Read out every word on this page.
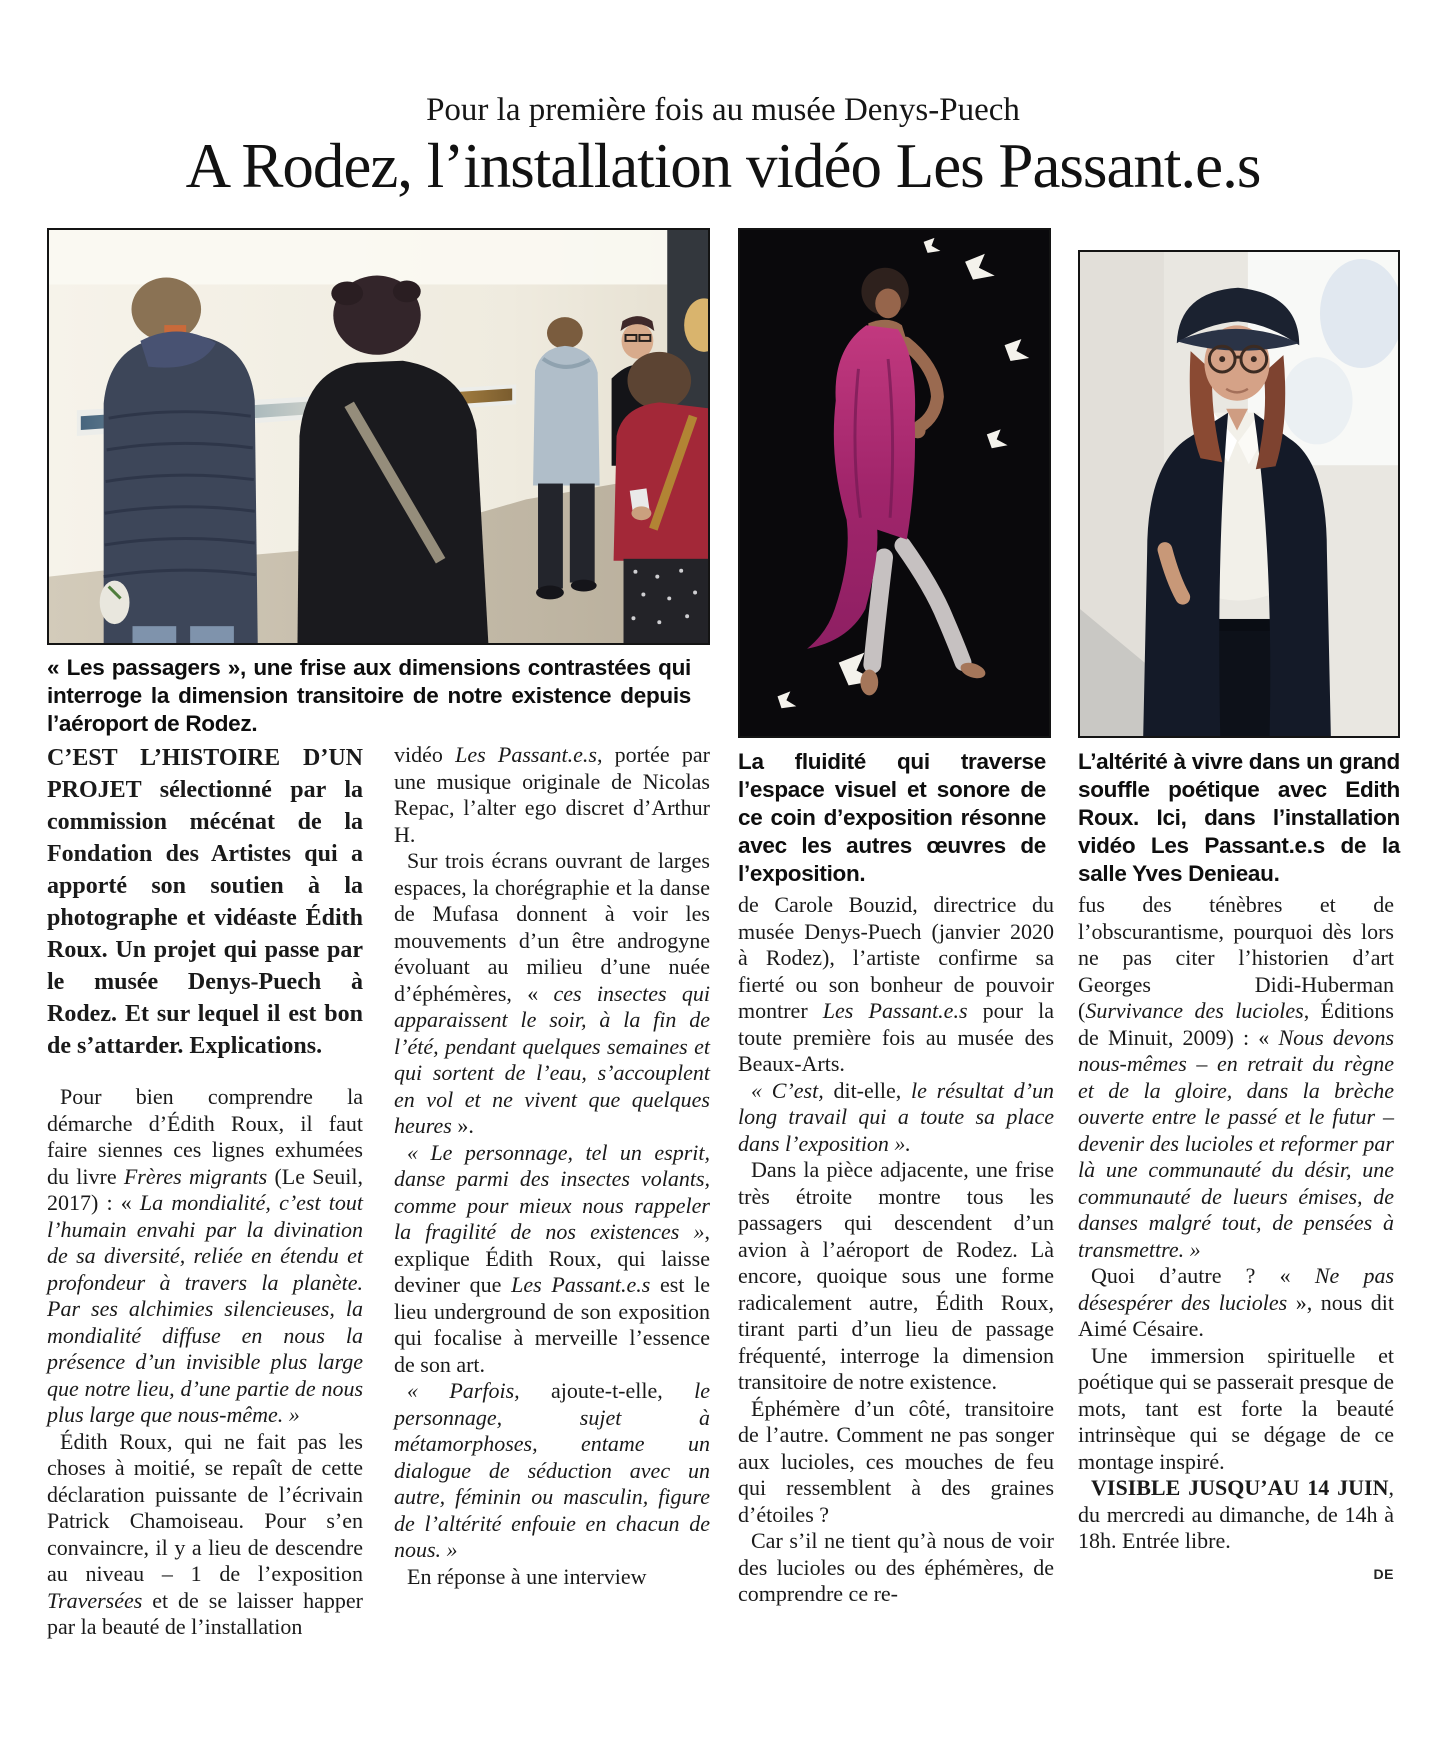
Pour la première fois au musée Denys-Puech
A Rodez, l’installation vidéo Les Passant.e.s
« Les passagers », une frise aux dimensions contrastées qui interroge la dimension transitoire de notre existence depuis l’aéroport de Rodez.
La fluidité qui traverse l’espace visuel et sonore de ce coin d’exposition résonne avec les autres œuvres de l’exposition.
L’altérité à vivre dans un grand souffle poétique avec Edith Roux. Ici, dans l’installation vidéo Les Passant.e.s de la salle Yves Denieau.

C’EST L’HISTOIRE D’UN PROJET sélectionné par la commission mécénat de la Fondation des Artistes qui a apporté son soutien à la photographe et vidéaste Édith Roux. Un projet qui passe par le musée Denys-Puech à Rodez. Et sur lequel il est bon de s’attarder. Explications.

Pour bien comprendre la démarche d’Édith Roux, il faut faire siennes ces lignes exhumées du livre Frères migrants (Le Seuil, 2017) : « La mondialité, c’est tout l’humain envahi par la divination de sa diversité, reliée en étendu et profondeur à travers la planète. Par ses alchimies silencieuses, la mondialité diffuse en nous la présence d’un invisible plus large que notre lieu, d’une partie de nous plus large que nous-même. »

Édith Roux, qui ne fait pas les choses à moitié, se repaît de cette déclaration puissante de l’écrivain Patrick Chamoiseau. Pour s’en convaincre, il y a lieu de descendre au niveau – 1 de l’exposition Traversées et de se laisser happer par la beauté de l’installation

vidéo Les Passant.e.s, portée par une musique originale de Nicolas Repac, l’alter ego discret d’Arthur H.

Sur trois écrans ouvrant de larges espaces, la chorégraphie et la danse de Mufasa donnent à voir les mouvements d’un être androgyne évoluant au milieu d’une nuée d’éphémères, « ces insectes qui apparaissent le soir, à la fin de l’été, pendant quelques semaines et qui sortent de l’eau, s’accouplent en vol et ne vivent que quelques heures ».

« Le personnage, tel un esprit, danse parmi des insectes volants, comme pour mieux nous rappeler la fragilité de nos existences », explique Édith Roux, qui laisse deviner que Les Passant.e.s est le lieu underground de son exposition qui focalise à merveille l’essence de son art.

« Parfois, ajoute-t-elle, le personnage, sujet à métamorphoses, entame un dialogue de séduction avec un autre, féminin ou masculin, figure de l’altérité enfouie en chacun de nous. »

En réponse à une interview

de Carole Bouzid, directrice du musée Denys-Puech (janvier 2020 à Rodez), l’artiste confirme sa fierté ou son bonheur de pouvoir montrer Les Passant.e.s pour la toute première fois au musée des Beaux-Arts.

« C’est, dit-elle, le résultat d’un long travail qui a toute sa place dans l’exposition ».

Dans la pièce adjacente, une frise très étroite montre tous les passagers qui descendent d’un avion à l’aéroport de Rodez. Là encore, quoique sous une forme radicalement autre, Édith Roux, tirant parti d’un lieu de passage fréquenté, interroge la dimension transitoire de notre existence.

Éphémère d’un côté, transitoire de l’autre. Comment ne pas songer aux lucioles, ces mouches de feu qui ressemblent à des graines d’étoiles ?

Car s’il ne tient qu’à nous de voir des lucioles ou des éphémères, de comprendre ce re-

fus des ténèbres et de l’obscurantisme, pourquoi dès lors ne pas citer l’historien d’art Georges Didi-Huberman (Survivance des lucioles, Éditions de Minuit, 2009) : « Nous devons nous-mêmes – en retrait du règne et de la gloire, dans la brèche ouverte entre le passé et le futur – devenir des lucioles et reformer par là une communauté du désir, une communauté de lueurs émises, de danses malgré tout, de pensées à transmettre. »

Quoi d’autre ? « Ne pas désespérer des lucioles », nous dit Aimé Césaire.

Une immersion spirituelle et poétique qui se passerait presque de mots, tant est forte la beauté intrinsèque qui se dégage de ce montage inspiré.

VISIBLE JUSQU’AU 14 JUIN, du mercredi au dimanche, de 14h à 18h. Entrée libre.

DE
